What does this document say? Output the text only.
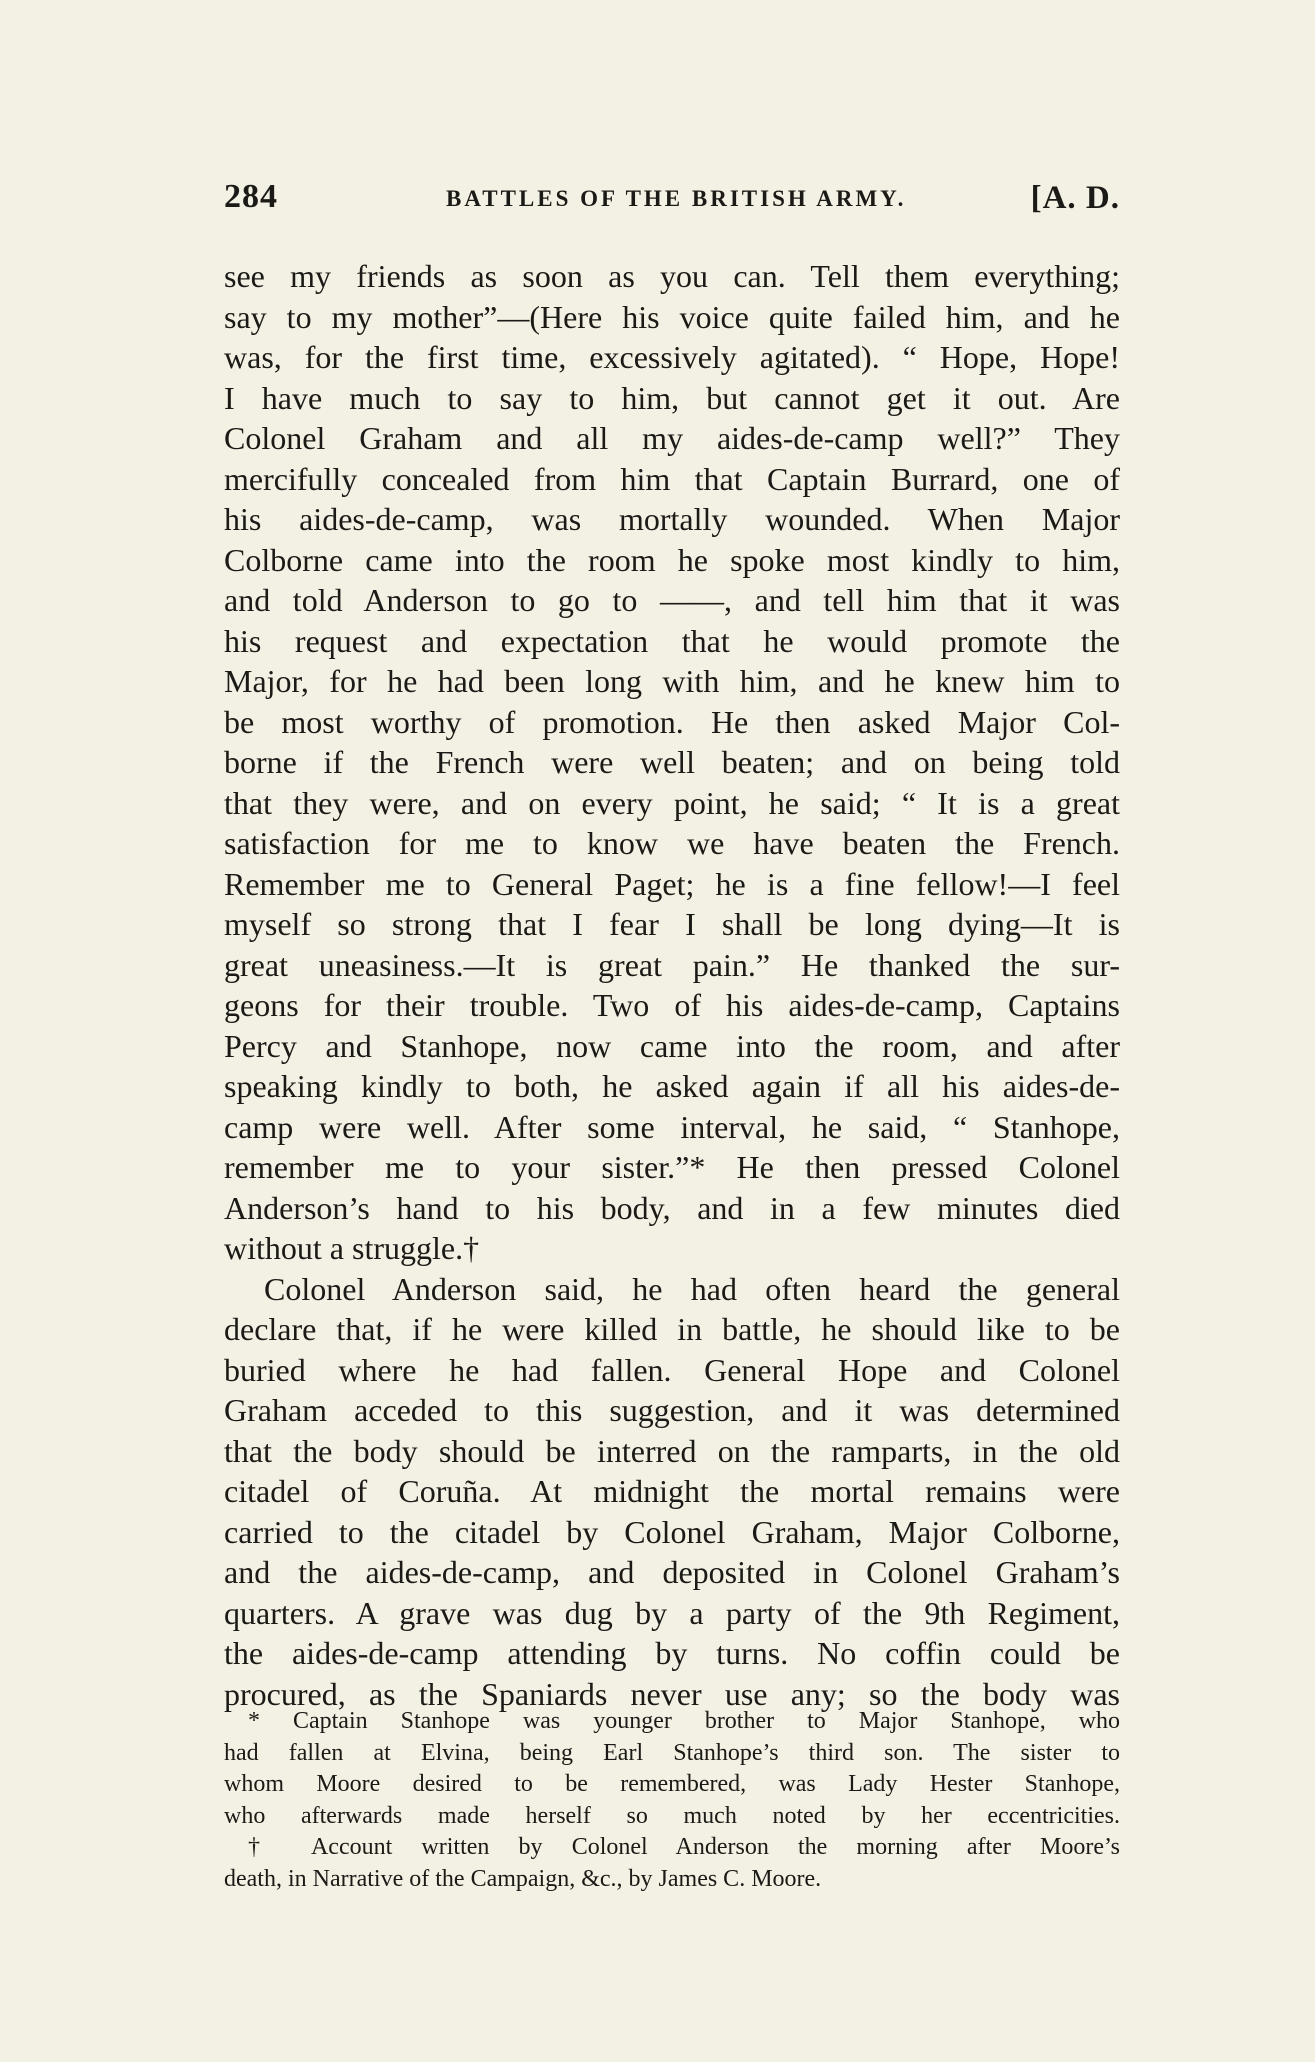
284	BATTLES OF THE BRITISH ARMY.	[A. D.
see my friends as soon as you can. Tell them everything;
say to my mother”—(Here his voice quite failed him, and he
was, for the first time, excessively agitated). “ Hope, Hope!
I have much to say to him, but cannot get it out. Are
Colonel Graham and all my aides-de-camp well?” They
mercifully concealed from him that Captain Burrard, one of
his aides-de-camp, was mortally wounded. When Major
Colborne came into the room he spoke most kindly to him,
and told Anderson to go to ——, and tell him that it was
his request and expectation that he would promote the
Major, for he had been long with him, and he knew him to
be most worthy of promotion. He then asked Major Col-
borne if the French were well beaten; and on being told
that they were, and on every point, he said; “ It is a great
satisfaction for me to know we have beaten the French.
Remember me to General Paget; he is a fine fellow!—I feel
myself so strong that I fear I shall be long dying—It is
great uneasiness.—It is great pain.” He thanked the sur-
geons for their trouble. Two of his aides-de-camp, Captains
Percy and Stanhope, now came into the room, and after
speaking kindly to both, he asked again if all his aides-de-
camp were well. After some interval, he said, “ Stanhope,
remember me to your sister.”* He then pressed Colonel
Anderson’s hand to his body, and in a few minutes died
without a struggle.†
Colonel Anderson said, he had often heard the general
declare that, if he were killed in battle, he should like to be
buried where he had fallen. General Hope and Colonel
Graham acceded to this suggestion, and it was determined
that the body should be interred on the ramparts, in the old
citadel of Coruña. At midnight the mortal remains were
carried to the citadel by Colonel Graham, Major Colborne,
and the aides-de-camp, and deposited in Colonel Graham’s
quarters. A grave was dug by a party of the 9th Regiment,
the aides-de-camp attending by turns. No coffin could be
procured, as the Spaniards never use any; so the body was
* Captain Stanhope was younger brother to Major Stanhope, who
had fallen at Elvina, being Earl Stanhope’s third son. The sister to
whom Moore desired to be remembered, was Lady Hester Stanhope,
who afterwards made herself so much noted by her eccentricities.
† Account written by Colonel Anderson the morning after Moore’s
death, in Narrative of the Campaign, &c., by James C. Moore.
